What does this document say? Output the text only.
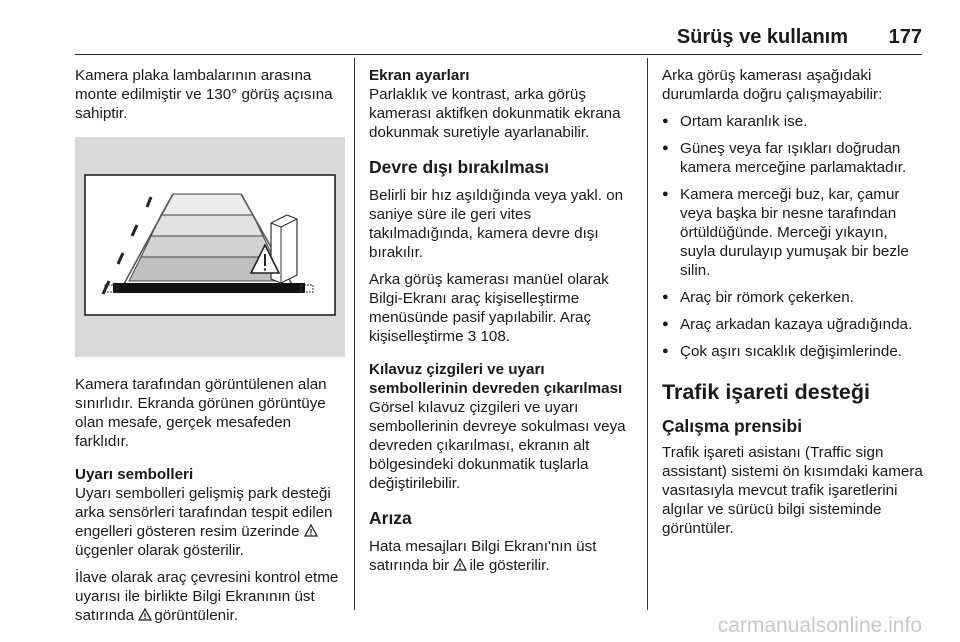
Sürüş ve kullanım 177

Kamera plaka lambalarının arasına monte edilmiştir ve 130° görüş açısına sahiptir.

Kamera tarafından görüntülenen alan sınırlıdır. Ekranda görünen görüntüye olan mesafe, gerçek mesafeden farklıdır.

Uyarı sembolleri

Uyarı sembolleri gelişmiş park desteği arka sensörleri tarafından tespit edilen engelleri gösteren resim üzerinde üçgenler olarak gösterilir.

İlave olarak araç çevresini kontrol etme uyarısı ile birlikte Bilgi Ekranının üst satırında görüntülenir.

Ekran ayarları

Parlaklık ve kontrast, arka görüş kamerası aktifken dokunmatik ekrana dokunmak suretiyle ayarlanabilir.

Devre dışı bırakılması

Belirli bir hız aşıldığında veya yakl. on saniye süre ile geri vites takılmadığında, kamera devre dışı bırakılır.

Arka görüş kamerası manüel olarak Bilgi-Ekranı araç kişiselleştirme menüsünde pasif yapılabilir. Araç kişiselleştirme 3 108.

Kılavuz çizgileri ve uyarı sembollerinin devreden çıkarılması

Görsel kılavuz çizgileri ve uyarı sembollerinin devreye sokulması veya devreden çıkarılması, ekranın alt bölgesindeki dokunmatik tuşlarla değiştirilebilir.

Arıza

Hata mesajları Bilgi Ekranı'nın üst satırında bir ile gösterilir.

Arka görüş kamerası aşağıdaki durumlarda doğru çalışmayabilir:

● Ortam karanlık ise.
● Güneş veya far ışıkları doğrudan kamera merceğine parlamaktadır.
● Kamera merceği buz, kar, çamur veya başka bir nesne tarafından örtüldüğünde. Merceği yıkayın, suyla durulayıp yumuşak bir bezle silin.
● Araç bir römork çekerken.
● Araç arkadan kazaya uğradığında.
● Çok aşırı sıcaklık değişimlerinde.
Trafik işareti desteği
Çalışma prensibi

Trafik işareti asistanı (Traffic sign assistant) sistemi ön kısımdaki kamera vasıtasıyla mevcut trafik işaretlerini algılar ve sürücü bilgi sisteminde görüntüler.

carmanualsonline.info
